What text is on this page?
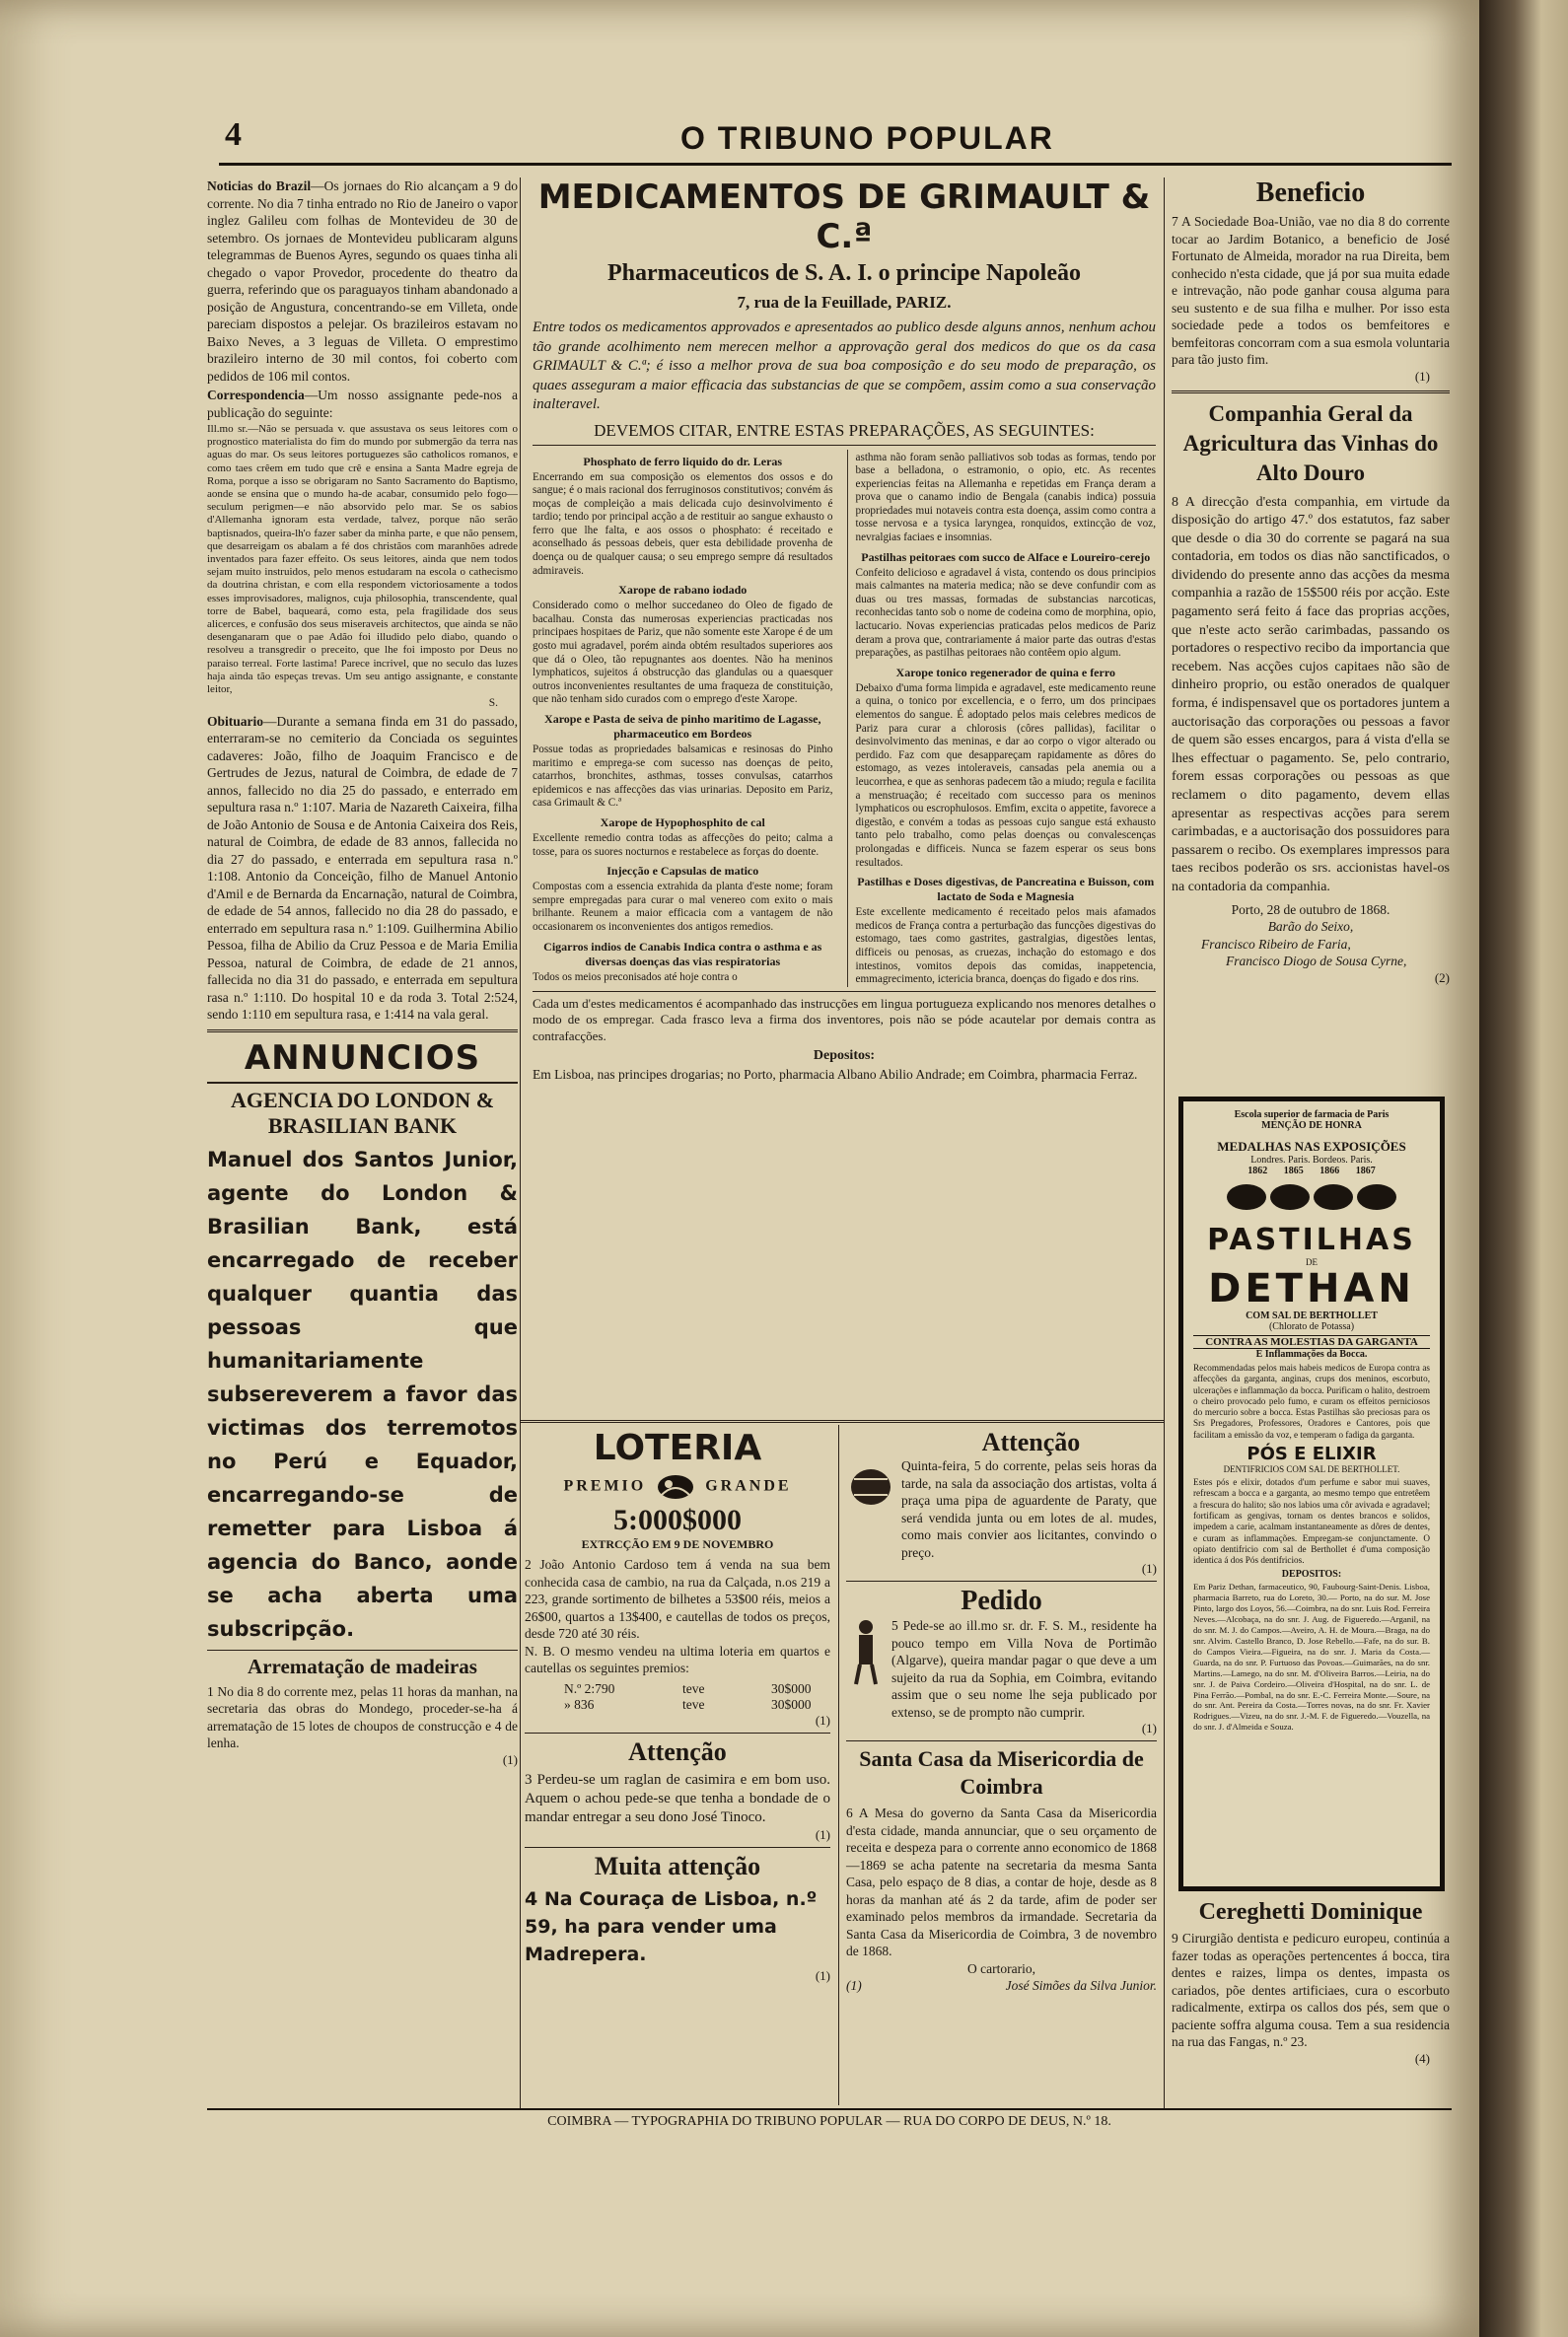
4	O TRIBUNO POPULAR

Noticias do Brazil—Os jornaes do Rio alcançam a 9 do corrente. No dia 7 tinha entrado no Rio de Janeiro o vapor inglez Galileu com folhas de Montevideu de 30 de setembro. Os jornaes de Montevideu publicaram alguns telegrammas de Buenos Ayres, segundo os quaes tinha ali chegado o vapor Provedor, procedente do theatro da guerra, referindo que os paraguayos tinham abandonado a posição de Angustura, concentrando-se em Villeta, onde pareciam dispostos a pelejar. Os brazileiros estavam no Baixo Neves, a 3 leguas de Villeta. O emprestimo brazileiro interno de 30 mil contos, foi coberto com pedidos de 106 mil contos.

Correspondencia—Um nosso assignante pede-nos a publicação do seguinte:

Ill.mo sr.—Não se persuada v. que assustava os seus leitores com o prognostico materialista do fim do mundo por submergão da terra nas aguas do mar. Os seus leitores portuguezes são catholicos romanos, e como taes crêem em tudo que crê e ensina a Santa Madre egreja de Roma, porque a isso se obrigaram no Santo Sacramento do Baptismo, aonde se ensina que o mundo ha-de acabar, consumido pelo fogo—seculum perigmen—e não absorvido pelo mar. Se os sabios d'Allemanha ignoram esta verdade, talvez, porque não serão baptisnados, queira-lh'o fazer saber da minha parte, e que não pensem, que desarreigam os abalam a fé dos christãos com maranhões adrede inventados para fazer effeito. Os seus leitores, ainda que nem todos sejam muito instruidos, pelo menos estudaram na escola o cathecismo da doutrina christan, e com ella respondem victoriosamente a todos esses improvisadores, malignos, cuja philosophia, transcendente, qual torre de Babel, baqueará, como esta, pela fragilidade dos seus alicerces, e confusão dos seus miseraveis architectos, que ainda se não desenganaram que o pae Adão foi illudido pelo diabo, quando o resolveu a transgredir o preceito, que lhe foi imposto por Deus no paraiso terreal. Forte lastima! Parece incrivel, que no seculo das luzes haja ainda tão espeças trevas. Um seu antigo assignante, e constante leitor,

S.

Obituario—Durante a semana finda em 31 do passado, enterraram-se no cemiterio da Conciada os seguintes cadaveres: João, filho de Joaquim Francisco e de Gertrudes de Jezus, natural de Coimbra, de edade de 7 annos, fallecido no dia 25 do passado, e enterrado em sepultura rasa n.º 1:107. Maria de Nazareth Caixeira, filha de João Antonio de Sousa e de Antonia Caixeira dos Reis, natural de Coimbra, de edade de 83 annos, fallecida no dia 27 do passado, e enterrada em sepultura rasa n.º 1:108. Antonio da Conceição, filho de Manuel Antonio d'Amil e de Bernarda da Encarnação, natural de Coimbra, de edade de 54 annos, fallecido no dia 28 do passado, e enterrado em sepultura rasa n.º 1:109. Guilhermina Abilio Pessoa, filha de Abilio da Cruz Pessoa e de Maria Emilia Pessoa, natural de Coimbra, de edade de 21 annos, fallecida no dia 31 do passado, e enterrada em sepultura rasa n.º 1:110. Do hospital 10 e da roda 3. Total 2:524, sendo 1:110 em sepultura rasa, e 1:414 na vala geral.

ANNUNCIOS
AGENCIA DO LONDON & BRASILIAN BANK

Manuel dos Santos Junior, agente do London & Brasilian Bank, está encarregado de receber qualquer quantia das pessoas que humanitariamente subsereverem a favor das victimas dos terremotos no Perú e Equador, encarregando-se de remetter para Lisboa á agencia do Banco, aonde se acha aberta uma subscripção.

Arrematação de madeiras

1 No dia 8 do corrente mez, pelas 11 horas da manhan, na secretaria das obras do Mondego, proceder-se-ha á arrematação de 15 lotes de choupos de construcção e 4 de lenha.

(1)
MEDICAMENTOS DE GRIMAULT & C.ª
Pharmaceuticos de S. A. I. o principe Napoleão
7, rua de la Feuillade, PARIZ.

Entre todos os medicamentos approvados e apresentados ao publico desde alguns annos, nenhum achou tão grande acolhimento nem merecen melhor a approvação geral dos medicos do que os da casa GRIMAULT & C.ª; é isso a melhor prova de sua boa composição e do seu modo de preparação, os quaes asseguram a maior efficacia das substancias de que se compõem, assim como a sua conservação inalteravel.

DEVEMOS CITAR, ENTRE ESTAS PREPARAÇÕES, AS SEGUINTES:
Phosphato de ferro liquido do dr. Leras

Encerrando em sua composição os elementos dos ossos e do sangue; é o mais racional dos ferruginosos constitutivos; convém ás moças de compleição a mais delicada cujo desinvolvimento é tardio; tendo por principal acção a de restituir ao sangue exhausto o ferro que lhe falta, e aos ossos o phosphato: é receitado e aconselhado ás pessoas debeis, quer esta debilidade provenha de doença ou de qualquer causa; o seu emprego sempre dá resultados admiraveis.

Xarope de rabano iodado

Considerado como o melhor succedaneo do Oleo de figado de bacalhau. Consta das numerosas experiencias practicadas nos principaes hospitaes de Pariz, que não somente este Xarope é de um gosto mui agradavel, porém ainda obtém resultados superiores aos que dá o Oleo, tão repugnantes aos doentes. Não ha meninos lymphaticos, sujeitos á obstrucção das glandulas ou a quaesquer outros inconvenientes resultantes de uma fraqueza de constituição, que não tenham sido curados com o emprego d'este Xarope.

Xarope e Pasta de seiva de pinho maritimo de Lagasse, pharmaceutico em Bordeos

Possue todas as propriedades balsamicas e resinosas do Pinho maritimo e emprega-se com sucesso nas doenças de peito, catarrhos, bronchites, asthmas, tosses convulsas, catarrhos epidemicos e nas affecções das vias urinarias. Deposito em Pariz, casa Grimault & C.ª

Xarope de Hypophosphito de cal

Excellente remedio contra todas as affecções do peito; calma a tosse, para os suores nocturnos e restabelece as forças do doente.

Injecção e Capsulas de matico

Compostas com a essencia extrahida da planta d'este nome; foram sempre empregadas para curar o mal venereo com exito o mais brilhante. Reunem a maior efficacia com a vantagem de não occasionarem os inconvenientes dos antigos remedios.

Cigarros indios de Canabis Indica contra o asthma e as diversas doenças das vias respiratorias

Todos os meios preconisados até hoje contra o

asthma não foram senão palliativos sob todas as formas, tendo por base a belladona, o estramonio, o opio, etc. As recentes experiencias feitas na Allemanha e repetidas em França deram a prova que o canamo indio de Bengala (canabis indica) possuia propriedades mui notaveis contra esta doença, assim como contra a tosse nervosa e a tysica laryngea, ronquidos, extincção de voz, nevralgias faciaes e insomnias.

Pastilhas peitoraes com succo de Alface e Loureiro-cerejo

Confeito delicioso e agradavel á vista, contendo os dous principios mais calmantes na materia medica; não se deve confundir com as duas ou tres massas, formadas de substancias narcoticas, reconhecidas tanto sob o nome de codeina como de morphina, opio, lactucario. Novas experiencias praticadas pelos medicos de Pariz deram a prova que, contrariamente á maior parte das outras d'estas preparações, as pastilhas peitoraes não contêem opio algum.

Xarope tonico regenerador de quina e ferro

Debaixo d'uma forma limpida e agradavel, este medicamento reune a quina, o tonico por excellencia, e o ferro, um dos principaes elementos do sangue. É adoptado pelos mais celebres medicos de Pariz para curar a chlorosis (côres pallidas), facilitar o desinvolvimento das meninas, e dar ao corpo o vigor alterado ou perdido. Faz com que desappareçam rapidamente as dôres do estomago, as vezes intoleraveis, cansadas pela anemia ou a leucorrhea, e que as senhoras padecem tão a miudo; regula e facilita a menstruação; é receitado com successo para os meninos lymphaticos ou escrophulosos. Emfim, excita o appetite, favorece a digestão, e convém a todas as pessoas cujo sangue está exhausto tanto pelo trabalho, como pelas doenças ou convalescenças prolongadas e difficeis. Nunca se fazem esperar os seus bons resultados.

Pastilhas e Doses digestivas, de Pancreatina e Buisson, com lactato de Soda e Magnesia

Este excellente medicamento é receitado pelos mais afamados medicos de França contra a perturbação das funcções digestivas do estomago, taes como gastrites, gastralgias, digestões lentas, difficeis ou penosas, as cruezas, inchação do estomago e dos intestinos, vomitos depois das comidas, inappetencia, emmagrecimento, ictericia branca, doenças do figado e dos rins.

Cada um d'estes medicamentos é acompanhado das instrucções em lingua portugueza explicando nos menores detalhes o modo de os empregar. Cada frasco leva a firma dos inventores, pois não se póde acautelar por demais contra as contrafacções.

Depositos:

Em Lisboa, nas principes drogarias; no Porto, pharmacia Albano Abilio Andrade; em Coimbra, pharmacia Ferraz.

LOTERIA
PREMIO	GRANDE
5:000$000
EXTRCÇÃO EM 9 DE NOVEMBRO

2 João Antonio Cardoso tem á venda na sua bem conhecida casa de cambio, na rua da Calçada, n.os 219 a 223, grande sortimento de bilhetes a 53$00 réis, meios a 26$00, quartos a 13$400, e cautellas de todos os preços, desde 720 até 30 réis.

N. B. O mesmo vendeu na ultima loteria em quartos e cautellas os seguintes premios:

N.º 2:790	teve	30$000
» 836	teve	30$000
(1)
Attenção

3 Perdeu-se um raglan de casimira e em bom uso. Aquem o achou pede-se que tenha a bondade de o mandar entregar a seu dono José Tinoco.

(1)
Muita attenção

4 Na Couraça de Lisboa, n.º 59, ha para vender uma Madrepera.

(1)
Attenção

Quinta-feira, 5 do corrente, pelas seis horas da tarde, na sala da associação dos artistas, volta á praça uma pipa de aguardente de Paraty, que será vendida junta ou em lotes de al. mudes, como mais convier aos licitantes, convindo o preço.

(1)
Pedido

5 Pede-se ao ill.mo sr. dr. F. S. M., residente ha pouco tempo em Villa Nova de Portimão (Algarve), queira mandar pagar o que deve a um sujeito da rua da Sophia, em Coimbra, evitando assim que o seu nome lhe seja publicado por extenso, se de prompto não cumprir.

(1)
Santa Casa da Misericordia de Coimbra

6 A Mesa do governo da Santa Casa da Misericordia d'esta cidade, manda annunciar, que o seu orçamento de receita e despeza para o corrente anno economico de 1868—1869 se acha patente na secretaria da mesma Santa Casa, pelo espaço de 8 dias, a contar de hoje, desde as 8 horas da manhan até ás 2 da tarde, afim de poder ser examinado pelos membros da irmandade. Secretaria da Santa Casa da Misericordia de Coimbra, 3 de novembro de 1868.

O cartorario,
(1)	José Simões da Silva Junior.
Beneficio

7 A Sociedade Boa-União, vae no dia 8 do corrente tocar ao Jardim Botanico, a beneficio de José Fortunato de Almeida, morador na rua Direita, bem conhecido n'esta cidade, que já por sua muita edade e intrevação, não pode ganhar cousa alguma para seu sustento e de sua filha e mulher. Por isso esta sociedade pede a todos os bemfeitores e bemfeitoras concorram com a sua esmola voluntaria para tão justo fim.

(1)
Companhia Geral da Agricultura das Vinhas do Alto Douro

8 A direcção d'esta companhia, em virtude da disposição do artigo 47.º dos estatutos, faz saber que desde o dia 30 do corrente se pagará na sua contadoria, em todos os dias não sanctificados, o dividendo do presente anno das acções da mesma companhia a razão de 15$500 réis por acção. Este pagamento será feito á face das proprias acções, que n'este acto serão carimbadas, passando os portadores o respectivo recibo da importancia que recebem. Nas acções cujos capitaes não são de dinheiro proprio, ou estão onerados de qualquer forma, é indispensavel que os portadores juntem a auctorisação das corporações ou pessoas a favor de quem são esses encargos, para á vista d'ella se lhes effectuar o pagamento. Se, pelo contrario, forem essas corporações ou pessoas as que reclamem o dito pagamento, devem ellas apresentar as respectivas acções para serem carimbadas, e a auctorisação dos possuidores para passarem o recibo. Os exemplares impressos para taes recibos poderão os srs. accionistas havel-os na contadoria da companhia.

Porto, 28 de outubro de 1868.
Barão do Seixo,
Francisco Ribeiro de Faria,
Francisco Diogo de Sousa Cyrne,
(2)
Escola superior de farmacia de Paris
MENÇÃO DE HONRA
MEDALHAS NAS EXPOSIÇÕES
Londres. Paris. Bordeos. Paris.
1862 1865 1866 1867
PASTILHAS
DE
DETHAN
COM SAL DE BERTHOLLET
(Chlorato de Potassa)
CONTRA AS MOLESTIAS DA GARGANTA
E Inflammações da Bocca.

Recommendadas pelos mais habeis medicos de Europa contra as affecções da garganta, anginas, crups dos meninos, escorbuto, ulcerações e inflammação da bocca. Purificam o halito, destroem o cheiro provocado pelo fumo, e curam os effeitos perniciosos do mercurio sobre a bocca. Estas Pastilhas são preciosas para os Srs Pregadores, Professores, Oradores e Cantores, pois que facilitam a emissão da voz, e temperam o fadiga da garganta.

PÓS E ELIXIR
DENTIFRICIOS COM SAL DE BERTHOLLET.

Estes pós e elixir, dotados d'um perfume e sabor mui suaves, refrescam a bocca e a garganta, ao mesmo tempo que entretêem a frescura do halito; são nos labios uma côr avivada e agradavel; fortificam as gengivas, tornam os dentes brancos e solidos, impedem a carie, acalmam instantaneamente as dôres de dentes, e curam as inflammações. Empregam-se conjunctamente. O opiato dentifricio com sal de Berthollet é d'uma composição identica á dos Pós dentifricios.

DEPOSITOS:

Em Pariz Dethan, farmaceutico, 90, Faubourg-Saint-Denis. Lisboa, pharmacia Barreto, rua do Loreto, 30.— Porto, na do sur. M. Jose Pinto, largo dos Loyos, 56.—Coimbra, na do snr. Luis Rod. Ferreira Neves.—Alcobaça, na do snr. J. Aug. de Figueredo.—Arganil, na do snr. M. J. do Campos.—Aveiro, A. H. de Moura.—Braga, na do snr. Alvim. Castello Branco, D. Jose Rebello.—Fafe, na do sur. B. do Campos Vieira.—Figueira, na do snr. J. Maria da Costa.—Guarda, na do snr. P. Furtuoso das Povoas.—Guimarães, na do snr. Martins.—Lamego, na do snr. M. d'Oliveira Barros.—Leiria, na do snr. J. de Paiva Cordeiro.—Oliveira d'Hospital, na do snr. L. de Pina Ferrão.—Pombal, na do snr. E.-C. Ferreira Monte.—Soure, na do snr. Ant. Pereira da Costa.—Torres novas, na do snr. Fr. Xavier Rodrigues.—Vizeu, na do snr. J.-M. F. de Figueredo.—Vouzella, na do snr. J. d'Almeida e Souza.

Cereghetti Dominique

9 Cirurgião dentista e pedicuro europeu, continúa a fazer todas as operações pertencentes á bocca, tira dentes e raizes, limpa os dentes, impasta os cariados, põe dentes artificiaes, cura o escorbuto radicalmente, extirpa os callos dos pés, sem que o paciente soffra alguma cousa. Tem a sua residencia na rua das Fangas, n.º 23.

(4)
COIMBRA — TYPOGRAPHIA DO TRIBUNO POPULAR — RUA DO CORPO DE DEUS, N.º 18.
